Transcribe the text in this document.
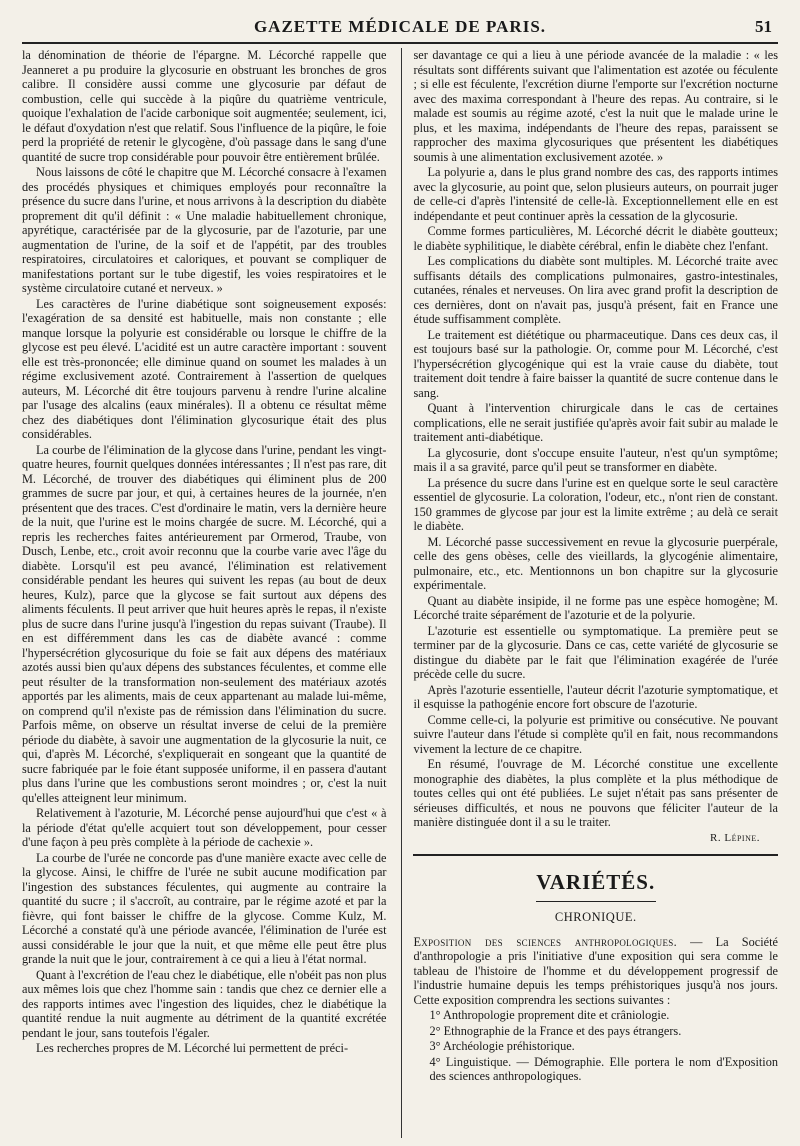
GAZETTE MÉDICALE DE PARIS.	51

la dénomination de théorie de l'épargne. M. Lécorché rappelle que Jeanneret a pu produire la glycosurie en obstruant les bronches de gros calibre. Il considère aussi comme une glycosurie par défaut de combustion, celle qui succède à la piqûre du quatrième ventricule, quoique l'exhalation de l'acide carbonique soit augmentée; seulement, ici, le défaut d'oxydation n'est que relatif. Sous l'influence de la piqûre, le foie perd la propriété de retenir le glycogène, d'où passage dans le sang d'une quantité de sucre trop considérable pour pouvoir être entièrement brûlée.

Nous laissons de côté le chapitre que M. Lécorché consacre à l'examen des procédés physiques et chimiques employés pour reconnaître la présence du sucre dans l'urine, et nous arrivons à la description du diabète proprement dit qu'il définit : « Une maladie habituellement chronique, apyrétique, caractérisée par de la glycosurie, par de l'azoturie, par une augmentation de l'urine, de la soif et de l'appétit, par des troubles respiratoires, circulatoires et caloriques, et pouvant se compliquer de manifestations portant sur le tube digestif, les voies respiratoires et le système circulatoire cutané et nerveux. »

Les caractères de l'urine diabétique sont soigneusement exposés: l'exagération de sa densité est habituelle, mais non constante ; elle manque lorsque la polyurie est considérable ou lorsque le chiffre de la glycose est peu élevé. L'acidité est un autre caractère important : souvent elle est très-prononcée; elle diminue quand on soumet les malades à un régime exclusivement azoté. Contrairement à l'assertion de quelques auteurs, M. Lécorché dit être toujours parvenu à rendre l'urine alcaline par l'usage des alcalins (eaux minérales). Il a obtenu ce résultat même chez des diabétiques dont l'élimination glycosurique était des plus considérables.

La courbe de l'élimination de la glycose dans l'urine, pendant les vingt-quatre heures, fournit quelques données intéressantes ; Il n'est pas rare, dit M. Lécorché, de trouver des diabétiques qui éliminent plus de 200 grammes de sucre par jour, et qui, à certaines heures de la journée, n'en présentent que des traces. C'est d'ordinaire le matin, vers la dernière heure de la nuit, que l'urine est le moins chargée de sucre. M. Lécorché, qui a repris les recherches faites antérieurement par Ormerod, Traube, von Dusch, Lenbe, etc., croit avoir reconnu que la courbe varie avec l'âge du diabète. Lorsqu'il est peu avancé, l'élimination est relativement considérable pendant les heures qui suivent les repas (au bout de deux heures, Kulz), parce que la glycose se fait surtout aux dépens des aliments féculents. Il peut arriver que huit heures après le repas, il n'existe plus de sucre dans l'urine jusqu'à l'ingestion du repas suivant (Traube). Il en est différemment dans les cas de diabète avancé : comme l'hypersécrétion glycosurique du foie se fait aux dépens des matériaux azotés aussi bien qu'aux dépens des substances féculentes, et comme elle peut résulter de la transformation non-seulement des matériaux azotés apportés par les aliments, mais de ceux appartenant au malade lui-même, on comprend qu'il n'existe pas de rémission dans l'élimination du sucre. Parfois même, on observe un résultat inverse de celui de la première période du diabète, à savoir une augmentation de la glycosurie la nuit, ce qui, d'après M. Lécorché, s'expliquerait en songeant que la quantité de sucre fabriquée par le foie étant supposée uniforme, il en passera d'autant plus dans l'urine que les combustions seront moindres ; or, c'est la nuit qu'elles atteignent leur minimum.

Relativement à l'azoturie, M. Lécorché pense aujourd'hui que c'est « à la période d'état qu'elle acquiert tout son développement, pour cesser d'une façon à peu près complète à la période de cachexie ».

La courbe de l'urée ne concorde pas d'une manière exacte avec celle de la glycose. Ainsi, le chiffre de l'urée ne subit aucune modification par l'ingestion des substances féculentes, qui augmente au contraire la quantité du sucre ; il s'accroît, au contraire, par le régime azoté et par la fièvre, qui font baisser le chiffre de la glycose. Comme Kulz, M. Lécorché a constaté qu'à une période avancée, l'élimination de l'urée est aussi considérable le jour que la nuit, et que même elle peut être plus grande la nuit que le jour, contrairement à ce qui a lieu à l'état normal.

Quant à l'excrétion de l'eau chez le diabétique, elle n'obéit pas non plus aux mêmes lois que chez l'homme sain : tandis que chez ce dernier elle a des rapports intimes avec l'ingestion des liquides, chez le diabétique la quantité rendue la nuit augmente au détriment de la quantité excrétée pendant le jour, sans toutefois l'égaler.

Les recherches propres de M. Lécorché lui permettent de préci-

ser davantage ce qui a lieu à une période avancée de la maladie : « les résultats sont différents suivant que l'alimentation est azotée ou féculente ; si elle est féculente, l'excrétion diurne l'emporte sur l'excrétion nocturne avec des maxima correspondant à l'heure des repas. Au contraire, si le malade est soumis au régime azoté, c'est la nuit que le malade urine le plus, et les maxima, indépendants de l'heure des repas, paraissent se rapprocher des maxima glycosuriques que présentent les diabétiques soumis à une alimentation exclusivement azotée. »

La polyurie a, dans le plus grand nombre des cas, des rapports intimes avec la glycosurie, au point que, selon plusieurs auteurs, on pourrait juger de celle-ci d'après l'intensité de celle-là. Exceptionnellement elle en est indépendante et peut continuer après la cessation de la glycosurie.

Comme formes particulières, M. Lécorché décrit le diabète goutteux; le diabète syphilitique, le diabète cérébral, enfin le diabète chez l'enfant.

Les complications du diabète sont multiples. M. Lécorché traite avec suffisants détails des complications pulmonaires, gastro-intestinales, cutanées, rénales et nerveuses. On lira avec grand profit la description de ces dernières, dont on n'avait pas, jusqu'à présent, fait en France une étude suffisamment complète.

Le traitement est diététique ou pharmaceutique. Dans ces deux cas, il est toujours basé sur la pathologie. Or, comme pour M. Lécorché, c'est l'hypersécrétion glycogénique qui est la vraie cause du diabète, tout traitement doit tendre à faire baisser la quantité de sucre contenue dans le sang.

Quant à l'intervention chirurgicale dans le cas de certaines complications, elle ne serait justifiée qu'après avoir fait subir au malade le traitement anti-diabétique.

La glycosurie, dont s'occupe ensuite l'auteur, n'est qu'un symptôme; mais il a sa gravité, parce qu'il peut se transformer en diabète.

La présence du sucre dans l'urine est en quelque sorte le seul caractère essentiel de glycosurie. La coloration, l'odeur, etc., n'ont rien de constant. 150 grammes de glycose par jour est la limite extrême ; au delà ce serait le diabète.

M. Lécorché passe successivement en revue la glycosurie puerpérale, celle des gens obèses, celle des vieillards, la glycogénie alimentaire, pulmonaire, etc., etc. Mentionnons un bon chapitre sur la glycosurie expérimentale.

Quant au diabète insipide, il ne forme pas une espèce homogène; M. Lécorché traite séparément de l'azoturie et de la polyurie.

L'azoturie est essentielle ou symptomatique. La première peut se terminer par de la glycosurie. Dans ce cas, cette variété de glycosurie se distingue du diabète par le fait que l'élimination exagérée de l'urée précède celle du sucre.

Après l'azoturie essentielle, l'auteur décrit l'azoturie symptomatique, et il esquisse la pathogénie encore fort obscure de l'azoturie.

Comme celle-ci, la polyurie est primitive ou consécutive. Ne pouvant suivre l'auteur dans l'étude si complète qu'il en fait, nous recommandons vivement la lecture de ce chapitre.

En résumé, l'ouvrage de M. Lécorché constitue une excellente monographie des diabètes, la plus complète et la plus méthodique de toutes celles qui ont été publiées. Le sujet n'était pas sans présenter de sérieuses difficultés, et nous ne pouvons que féliciter l'auteur de la manière distinguée dont il a su le traiter.

R. Lépine.
VARIÉTÉS.
CHRONIQUE.

Exposition des sciences anthropologiques. — La Société d'anthropologie a pris l'initiative d'une exposition qui sera comme le tableau de l'histoire de l'homme et du développement progressif de l'industrie humaine depuis les temps préhistoriques jusqu'à nos jours. Cette exposition comprendra les sections suivantes :

1° Anthropologie proprement dite et crâniologie.

2° Ethnographie de la France et des pays étrangers.

3° Archéologie préhistorique.

4° Linguistique. — Démographie. Elle portera le nom d'Exposition des sciences anthropologiques.
